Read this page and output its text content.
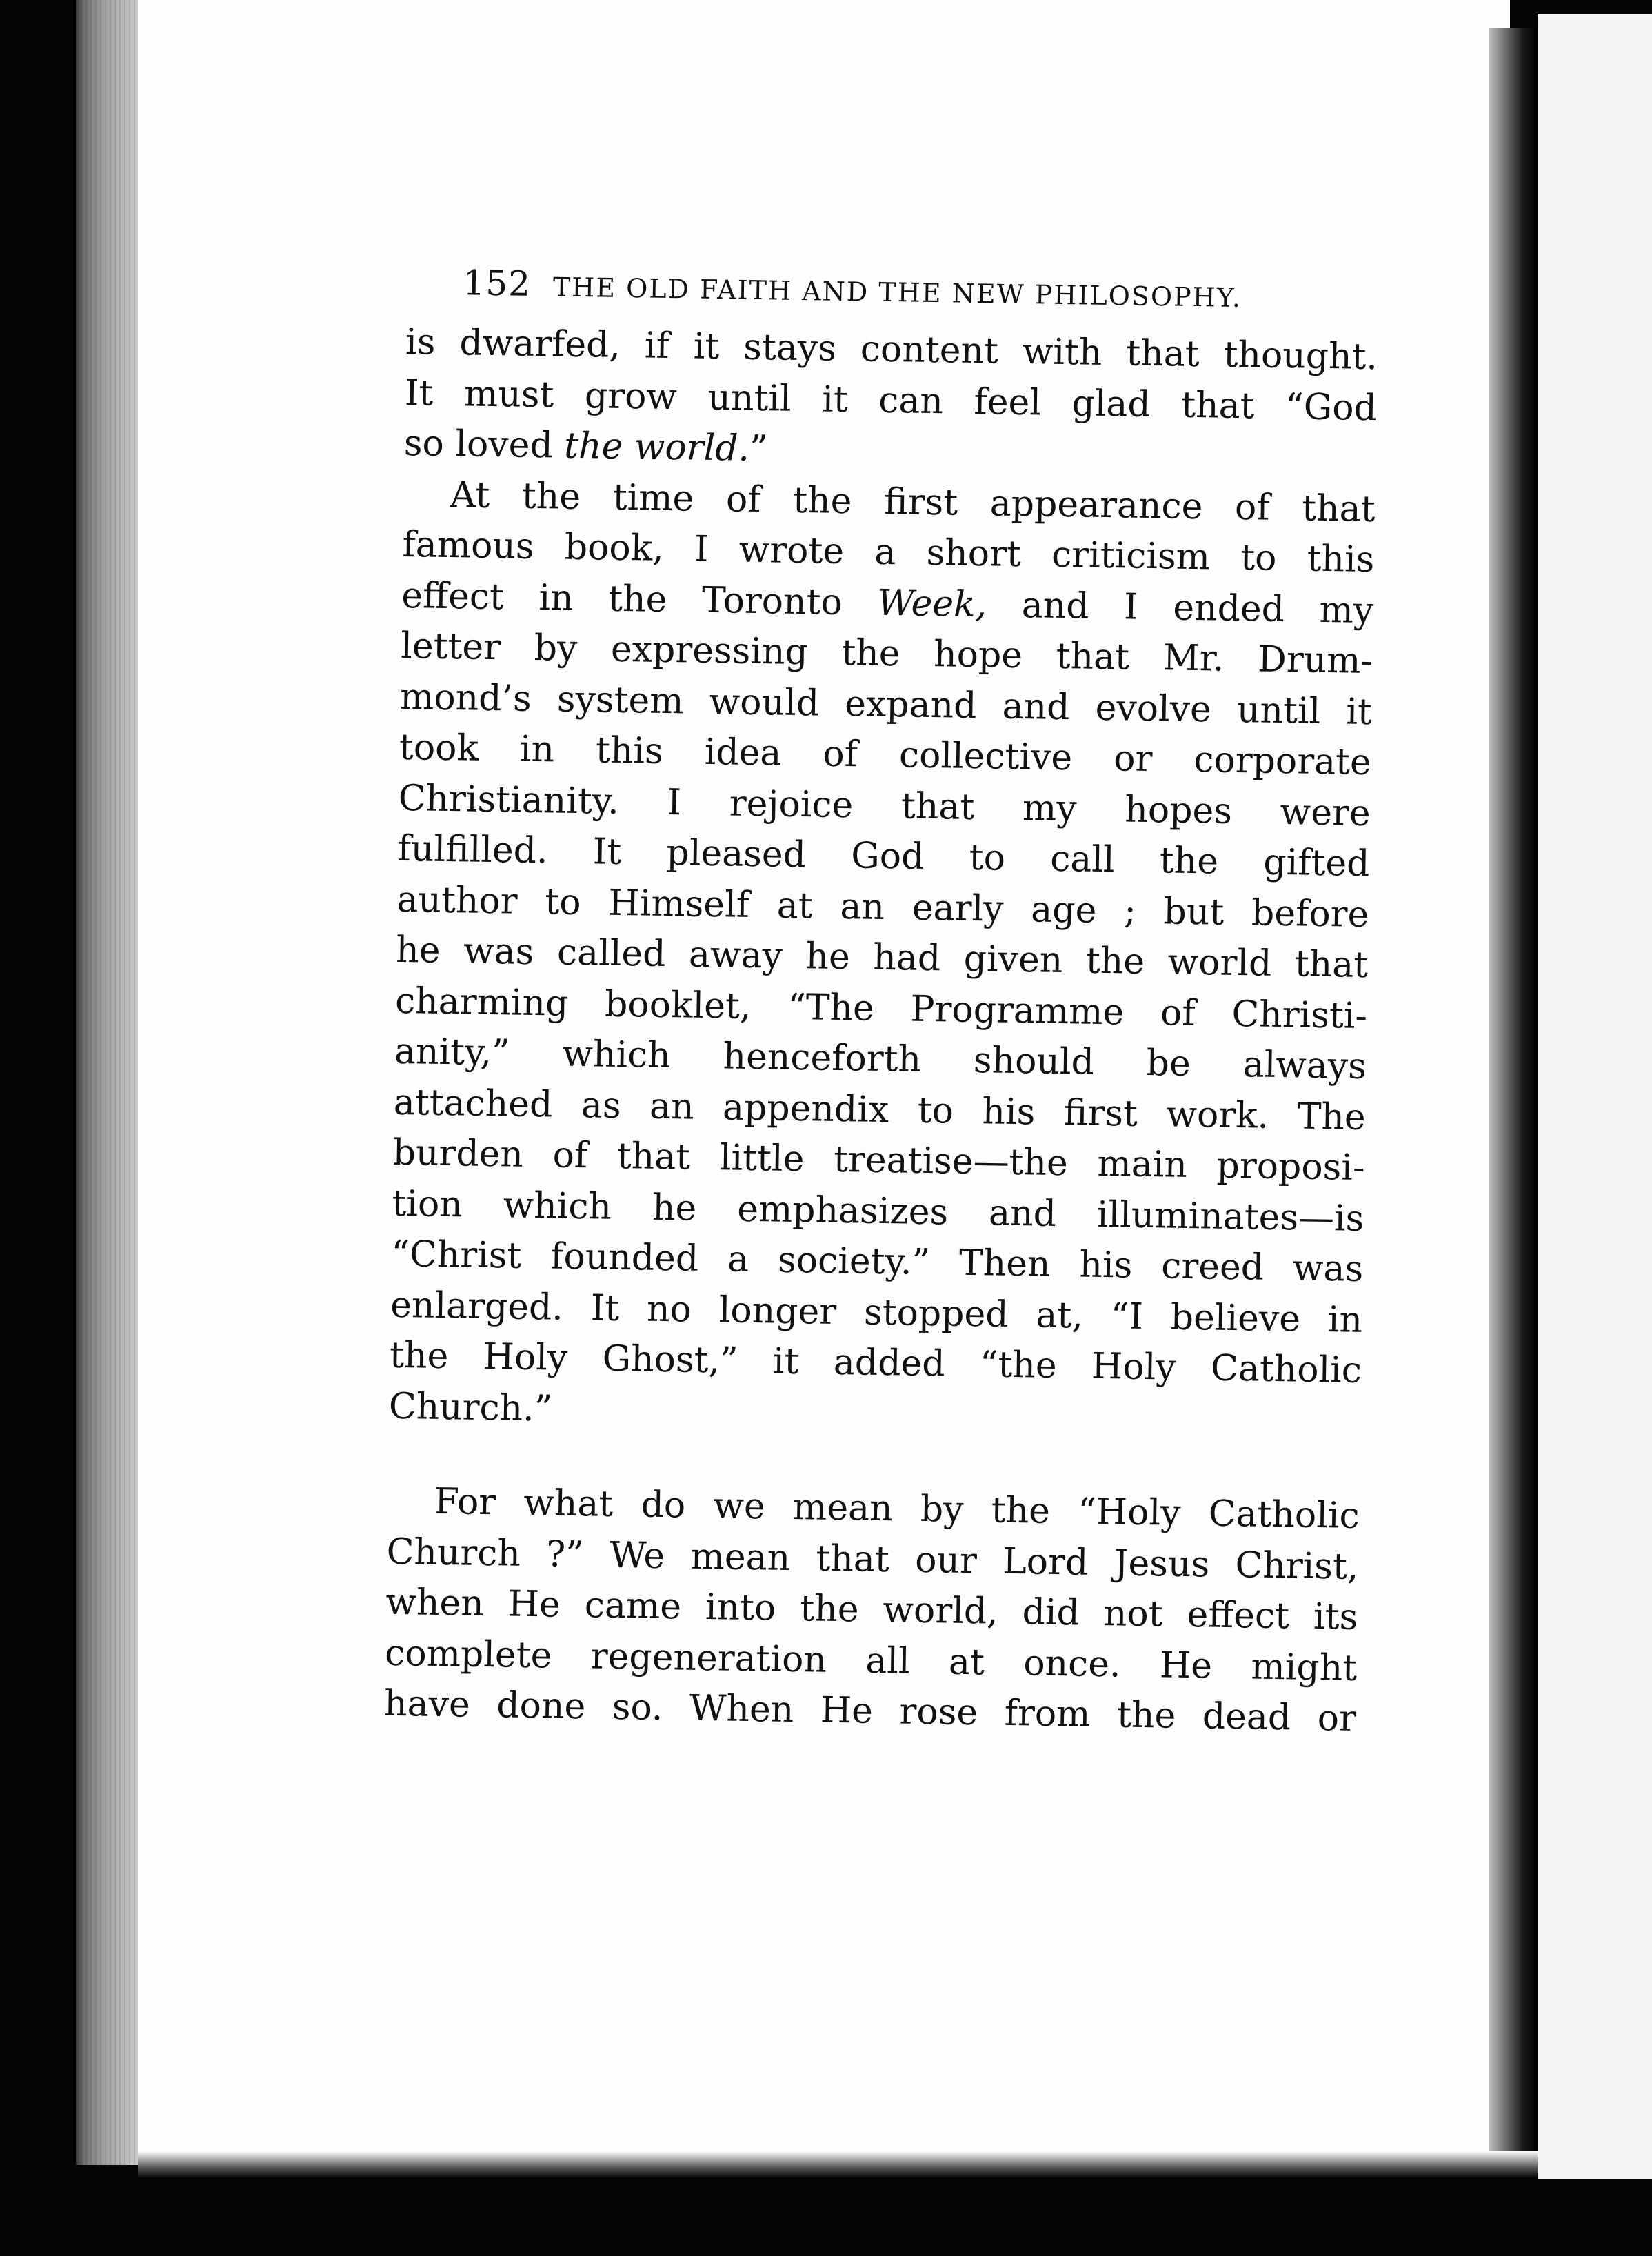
152 THE OLD FAITH AND THE NEW PHILOSOPHY.
is dwarfed, if it stays content with that thought.
It must grow until it can feel glad that “God
so loved the world.”
At the time of the first appearance of that
famous book, I wrote a short criticism to this
effect in the Toronto Week, and I ended my
letter by expressing the hope that Mr. Drum-
mond’s system would expand and evolve until it
took in this idea of collective or corporate
Christianity. I rejoice that my hopes were
fulfilled. It pleased God to call the gifted
author to Himself at an early age ; but before
he was called away he had given the world that
charming booklet, “The Programme of Christi-
anity,” which henceforth should be always
attached as an appendix to his first work. The
burden of that little treatise—the main proposi-
tion which he emphasizes and illuminates—is
“Christ founded a society.” Then his creed was
enlarged. It no longer stopped at, “I believe in
the Holy Ghost,” it added “the Holy Catholic
Church.”
For what do we mean by the “Holy Catholic
Church ?” We mean that our Lord Jesus Christ,
when He came into the world, did not effect its
complete regeneration all at once. He might
have done so. When He rose from the dead or
